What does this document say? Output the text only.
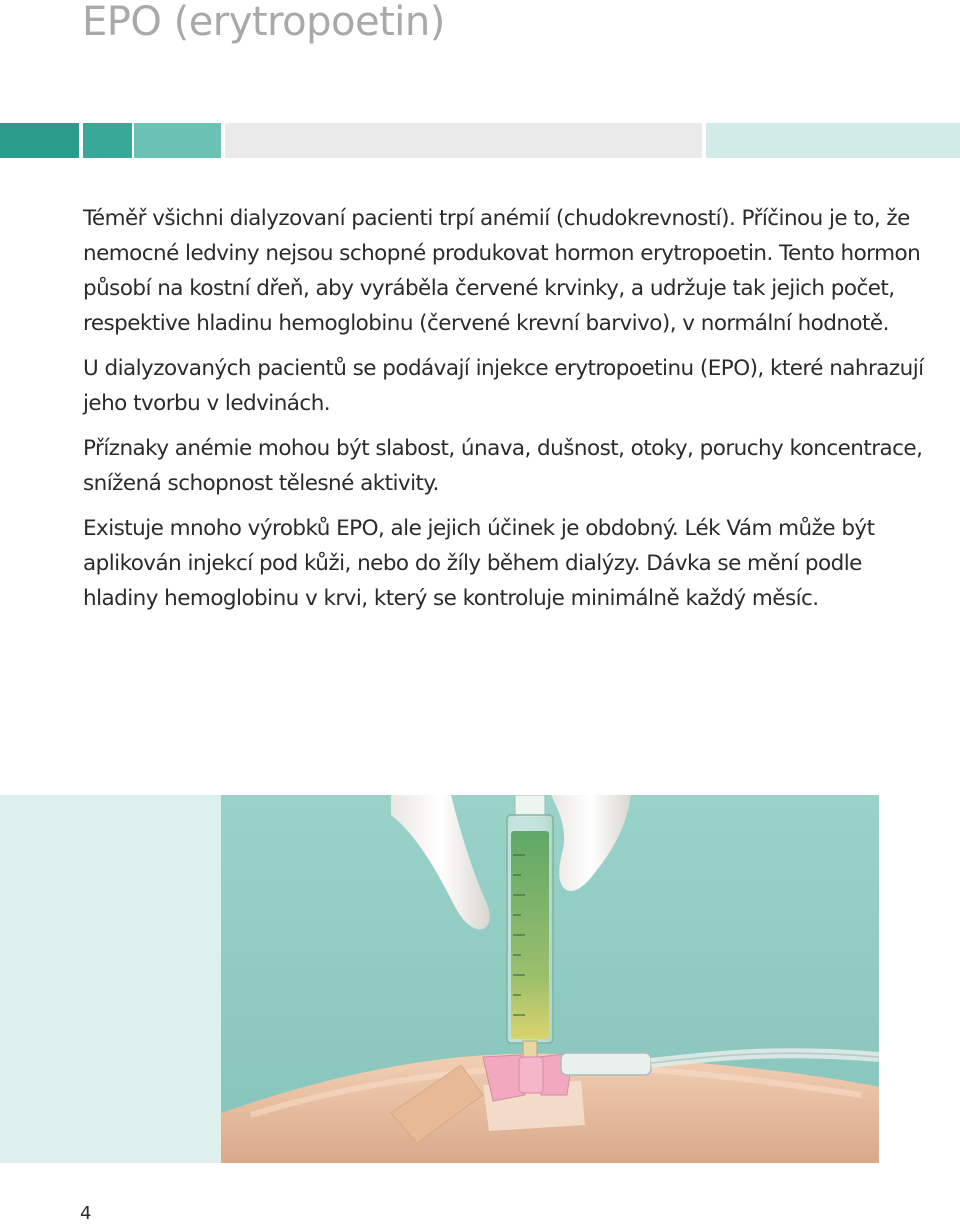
EPO (erytropoetin)

Téměř všichni dialyzovaní pacienti trpí anémií (chudokrevností). Příčinou je to, že nemocné ledviny nejsou schopné produkovat hormon erytropoetin. Tento hormon působí na kostní dřeň, aby vyráběla červené krvinky, a udržuje tak jejich počet, respektive hladinu hemoglobinu (červené krevní barvivo), v normální hodnotě.

U dialyzovaných pacientů se podávají injekce erytropoetinu (EPO), které nahrazují jeho tvorbu v ledvinách.

Příznaky anémie mohou být slabost, únava, dušnost, otoky, poruchy koncentrace, snížená schopnost tělesné aktivity.

Existuje mnoho výrobků EPO, ale jejich účinek je obdobný. Lék Vám může být aplikován injekcí pod kůži, nebo do žíly během dialýzy. Dávka se mění podle hladiny hemoglobinu v krvi, který se kontroluje minimálně každý měsíc.

4
